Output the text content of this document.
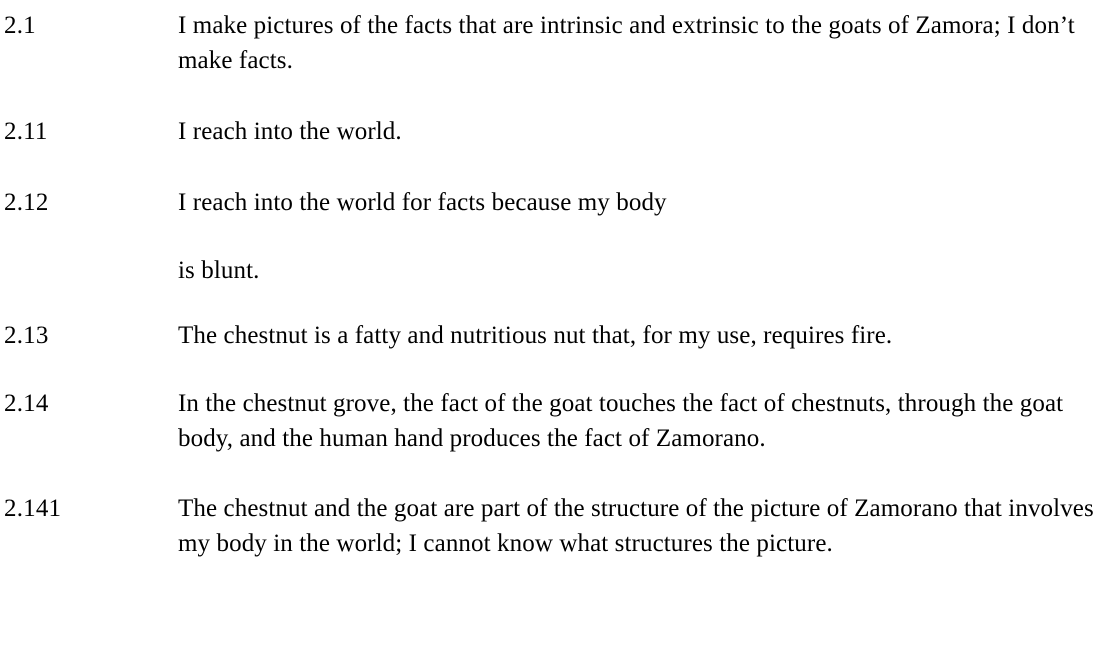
2.1	I make pictures of the facts that are intrinsic and extrinsic to the goats of Zamora; I don’t make facts.
2.11	I reach into the world.
2.12	I reach into the world for facts because my body
is blunt.
2.13	The chestnut is a fatty and nutritious nut that, for my use, requires fire.
2.14	In the chestnut grove, the fact of the goat touches the fact of chestnuts, through the goat body, and the human hand produces the fact of Zamorano.
2.141	The chestnut and the goat are part of the structure of the picture of Zamorano that involves my body in the world; I cannot know what structures the picture.
